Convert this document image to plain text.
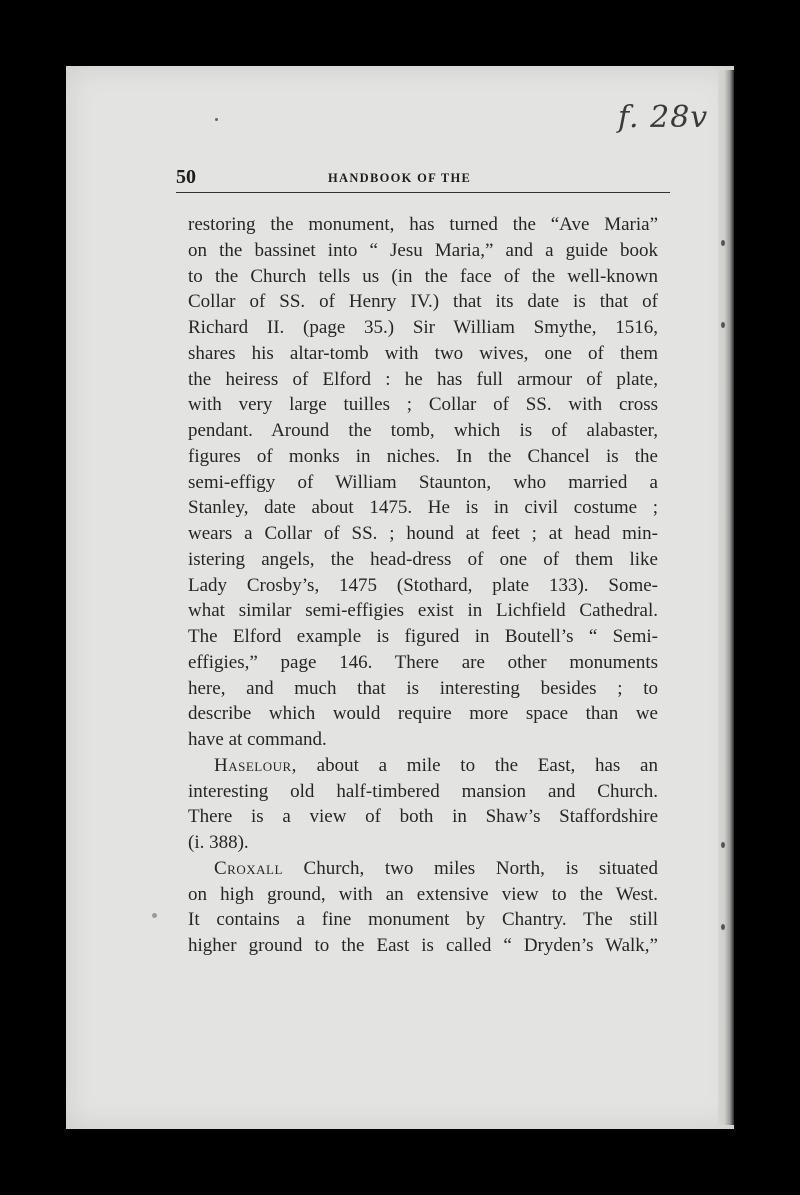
f. 28v
50	HANDBOOK OF THE

restoring the monument, has turned the “Ave Maria”
on the bassinet into “ Jesu Maria,” and a guide book
to the Church tells us (in the face of the well-known
Collar of SS. of Henry IV.) that its date is that of
Richard II. (page 35.) Sir William Smythe, 1516,
shares his altar-tomb with two wives, one of them
the heiress of Elford : he has full armour of plate,
with very large tuilles ; Collar of SS. with cross
pendant. Around the tomb, which is of alabaster,
figures of monks in niches. In the Chancel is the
semi-effigy of William Staunton, who married a
Stanley, date about 1475. He is in civil costume ;
wears a Collar of SS. ; hound at feet ; at head min-
istering angels, the head-dress of one of them like
Lady Crosby’s, 1475 (Stothard, plate 133). Some-
what similar semi-effigies exist in Lichfield Cathedral.
The Elford example is figured in Boutell’s “ Semi-
effigies,” page 146. There are other monuments
here, and much that is interesting besides ; to
describe which would require more space than we
have at command.

Haselour, about a mile to the East, has an
interesting old half-timbered mansion and Church.
There is a view of both in Shaw’s Staffordshire
(i. 388).

Croxall Church, two miles North, is situated
on high ground, with an extensive view to the West.
It contains a fine monument by Chantry. The still
higher ground to the East is called “ Dryden’s Walk,”
